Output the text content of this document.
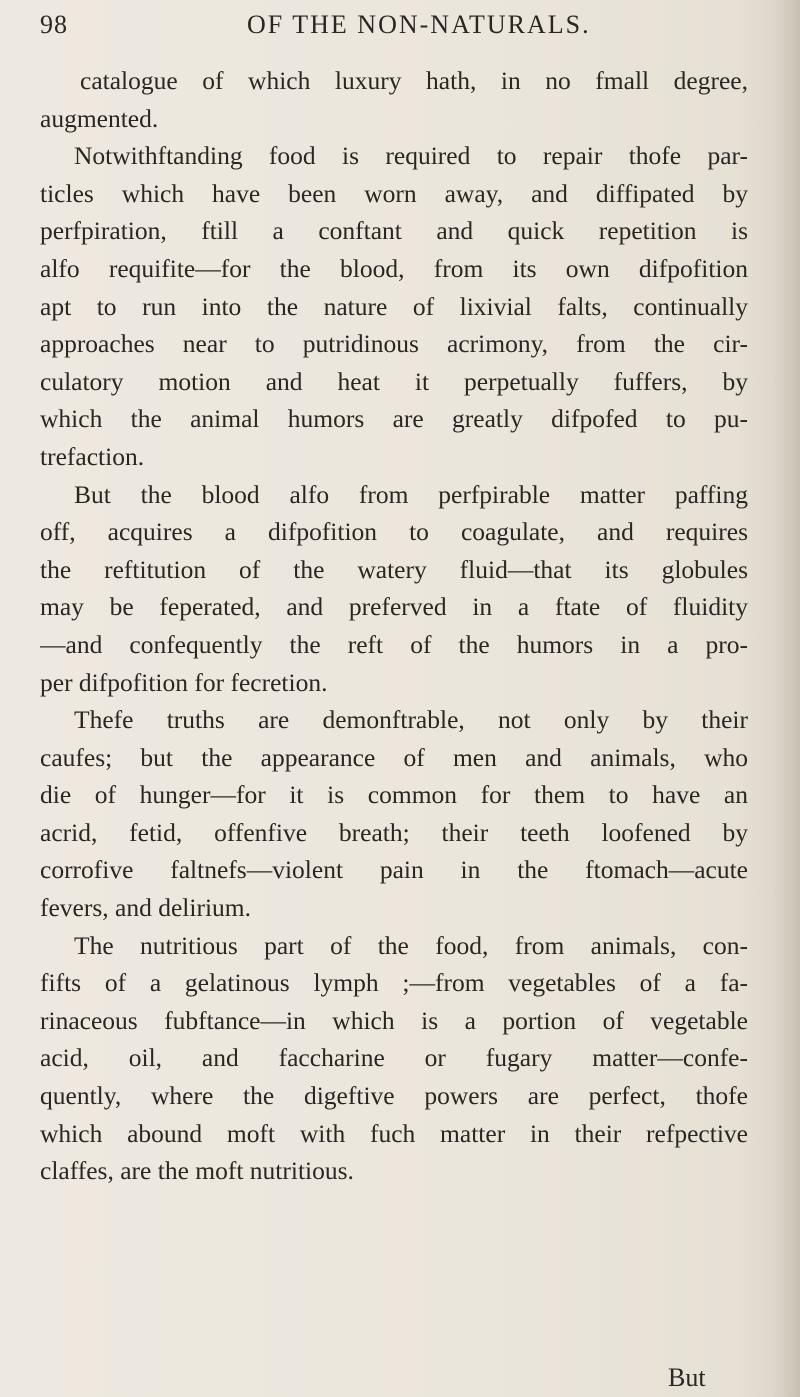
98	OF THE NON-NATURALS.
catalogue of which luxury hath, in no fmall degree,
augmented.
Notwithftanding food is required to repair thofe par-
ticles which have been worn away, and diffipated by
perfpiration, ftill a conftant and quick repetition is
alfo requifite—for the blood, from its own difpofition
apt to run into the nature of lixivial falts, continually
approaches near to putridinous acrimony, from the cir-
culatory motion and heat it perpetually fuffers, by
which the animal humors are greatly difpofed to pu-
trefaction.
But the blood alfo from perfpirable matter paffing
off, acquires a difpofition to coagulate, and requires
the reftitution of the watery fluid—that its globules
may be feperated, and preferved in a ftate of fluidity
—and confequently the reft of the humors in a pro-
per difpofition for fecretion.
Thefe truths are demonftrable, not only by their
caufes; but the appearance of men and animals, who
die of hunger—for it is common for them to have an
acrid, fetid, offenfive breath; their teeth loofened by
corrofive faltnefs—violent pain in the ftomach—acute
fevers, and delirium.
The nutritious part of the food, from animals, con-
fifts of a gelatinous lymph ;—from vegetables of a fa-
rinaceous fubftance—in which is a portion of vegetable
acid, oil, and faccharine or fugary matter—confe-
quently, where the digeftive powers are perfect, thofe
which abound moft with fuch matter in their refpective
claffes, are the moft nutritious.
But
